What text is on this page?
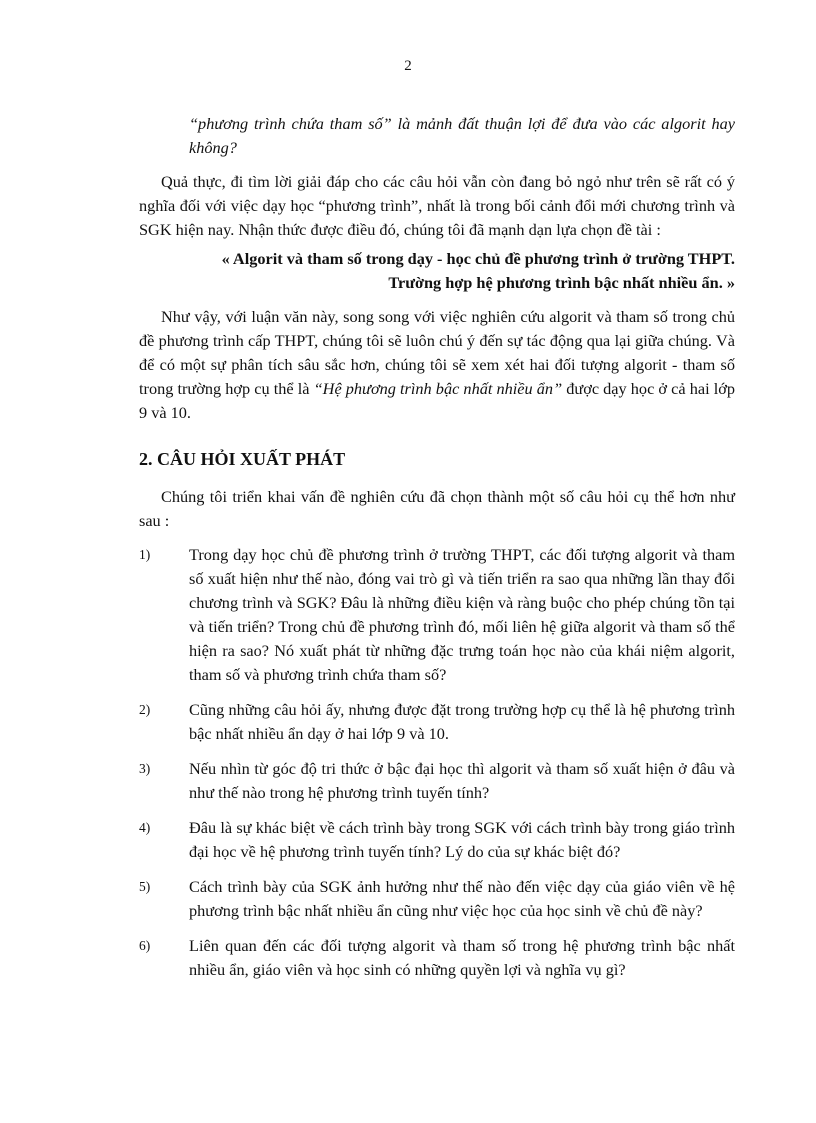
2

“phương trình chứa tham số” là mảnh đất thuận lợi để đưa vào các algorit hay không?

Quả thực, đi tìm lời giải đáp cho các câu hỏi vẫn còn đang bỏ ngỏ như trên sẽ rất có ý nghĩa đối với việc dạy học “phương trình”, nhất là trong bối cảnh đổi mới chương trình và SGK hiện nay. Nhận thức được điều đó, chúng tôi đã mạnh dạn lựa chọn đề tài :

« Algorit và tham số trong dạy - học chủ đề phương trình ở trường THPT.
Trường hợp hệ phương trình bậc nhất nhiều ẩn. »

Như vậy, với luận văn này, song song với việc nghiên cứu algorit và tham số trong chủ đề phương trình cấp THPT, chúng tôi sẽ luôn chú ý đến sự tác động qua lại giữa chúng. Và để có một sự phân tích sâu sắc hơn, chúng tôi sẽ xem xét hai đối tượng algorit - tham số trong trường hợp cụ thể là “Hệ phương trình bậc nhất nhiều ẩn” được dạy học ở cả hai lớp 9 và 10.

2. CÂU HỎI XUẤT PHÁT

Chúng tôi triển khai vấn đề nghiên cứu đã chọn thành một số câu hỏi cụ thể hơn như sau :

1)	Trong dạy học chủ đề phương trình ở trường THPT, các đối tượng algorit và tham số xuất hiện như thế nào, đóng vai trò gì và tiến triển ra sao qua những lần thay đổi chương trình và SGK? Đâu là những điều kiện và ràng buộc cho phép chúng tồn tại và tiến triển? Trong chủ đề phương trình đó, mối liên hệ giữa algorit và tham số thể hiện ra sao? Nó xuất phát từ những đặc trưng toán học nào của khái niệm algorit, tham số và phương trình chứa tham số?
2)	Cũng những câu hỏi ấy, nhưng được đặt trong trường hợp cụ thể là hệ phương trình bậc nhất nhiều ẩn dạy ở hai lớp 9 và 10.
3)	Nếu nhìn từ góc độ tri thức ở bậc đại học thì algorit và tham số xuất hiện ở đâu và như thế nào trong hệ phương trình tuyến tính?
4)	Đâu là sự khác biệt về cách trình bày trong SGK với cách trình bày trong giáo trình đại học về hệ phương trình tuyến tính? Lý do của sự khác biệt đó?
5)	Cách trình bày của SGK ảnh hưởng như thế nào đến việc dạy của giáo viên về hệ phương trình bậc nhất nhiều ẩn cũng như việc học của học sinh về chủ đề này?
6)	Liên quan đến các đối tượng algorit và tham số trong hệ phương trình bậc nhất nhiều ẩn, giáo viên và học sinh có những quyền lợi và nghĩa vụ gì?
